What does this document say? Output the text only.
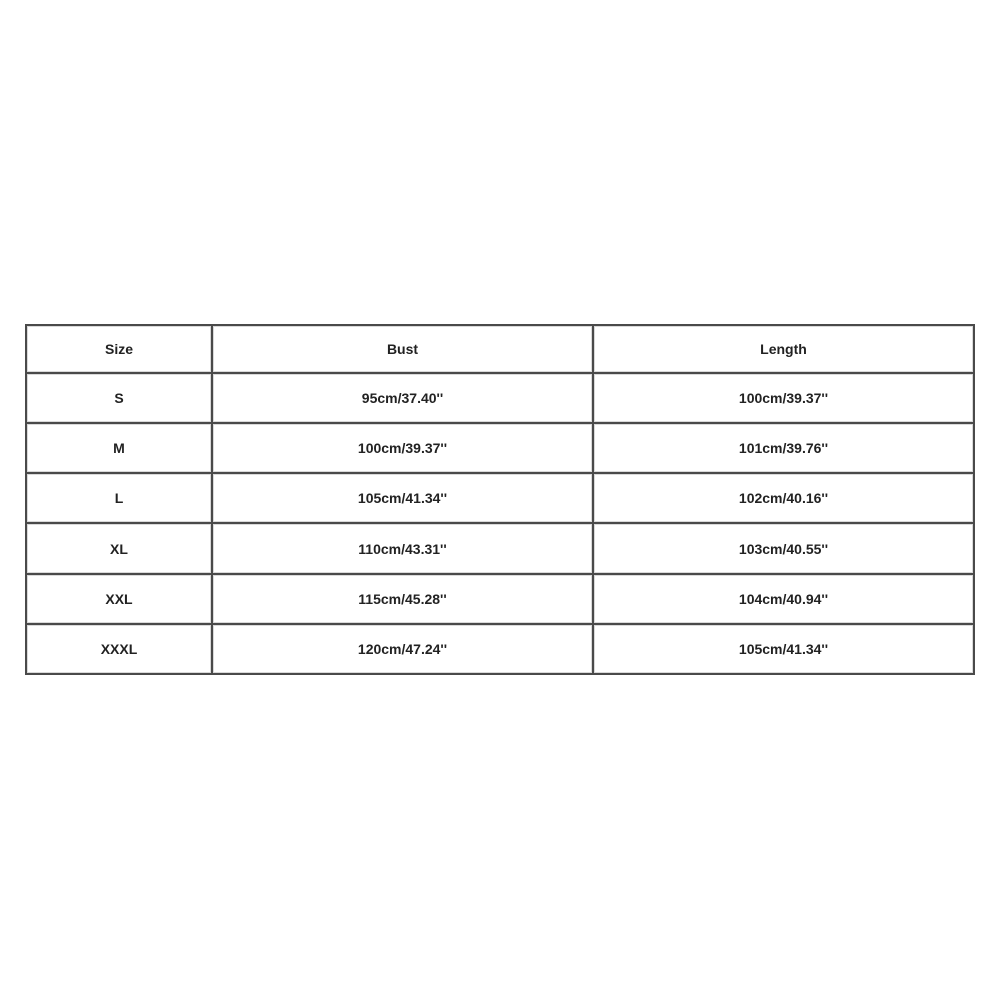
Size	Bust	Length
S	95cm/37.40''	100cm/39.37''
M	100cm/39.37''	101cm/39.76''
L	105cm/41.34''	102cm/40.16''
XL	110cm/43.31''	103cm/40.55''
XXL	115cm/45.28''	104cm/40.94''
XXXL	120cm/47.24''	105cm/41.34''
